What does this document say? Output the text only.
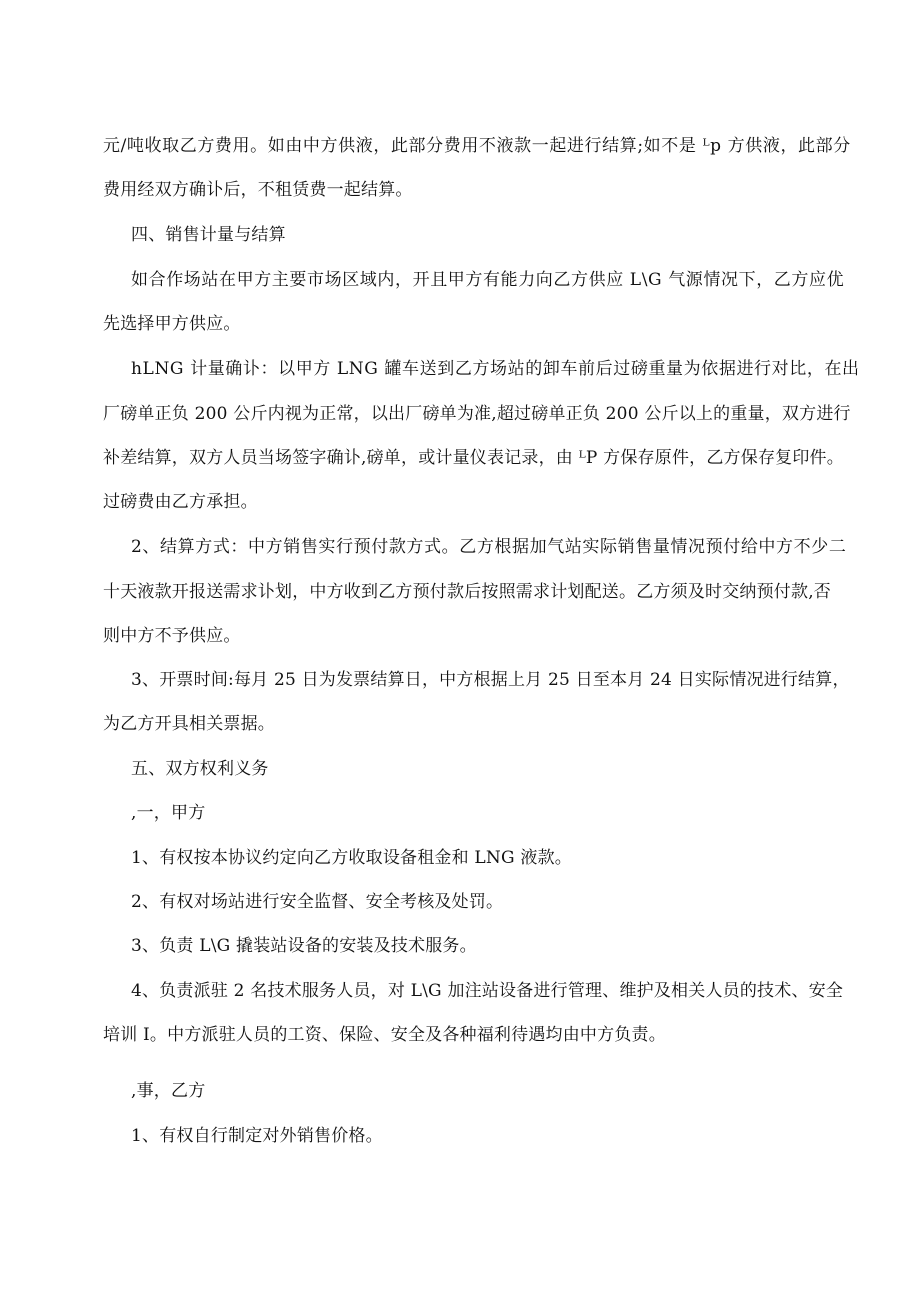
元/吨收取乙方费用。如由中方供液，此部分费用不液款一起进行结算;如不是 ᴸp 方供液，此部分
费用经双方确讣后，不租赁费一起结算。
四、销售计量与结算
如合作场站在甲方主要市场区域内，开且甲方有能力向乙方供应 L\G 气源情况下，乙方应优
先选择甲方供应。
hLNG 计量确讣：以甲方 LNG 罐车送到乙方场站的卸车前后过磅重量为依据进行对比，在出
厂磅单正负 200 公斤内视为正常，以出厂磅单为准,超过磅单正负 200 公斤以上的重量，双方进行
补差结算，双方人员当场签字确讣,磅单，或计量仪表记录，由 ᴸP 方保存原件，乙方保存复印件。
过磅费由乙方承担。
2、结算方式：中方销售实行预付款方式。乙方根据加气站实际销售量情况预付给中方不少二
十天液款开报送需求讣划，中方收到乙方预付款后按照需求计划配送。乙方须及时交纳预付款,否
则中方不予供应。
3、开票时间:每月 25 日为发票结算日，中方根据上月 25 日至本月 24 日实际情况进行结算，
为乙方开具相关票据。
五、双方权利义务
,一，甲方
1、有权按本协议约定向乙方收取设备租金和 LNG 液款。
2、有权对场站进行安全监督、安全考核及处罚。
3、负责 L\G 撬装站设备的安装及技术服务。
4、负责派驻 2 名技术服务人员，对 L\G 加注站设备进行管理、维护及相关人员的技术、安全
培训 I。中方派驻人员的工资、保险、安全及各种福利待遇均由中方负责。
,事，乙方
1、有权自行制定对外销售价格。
